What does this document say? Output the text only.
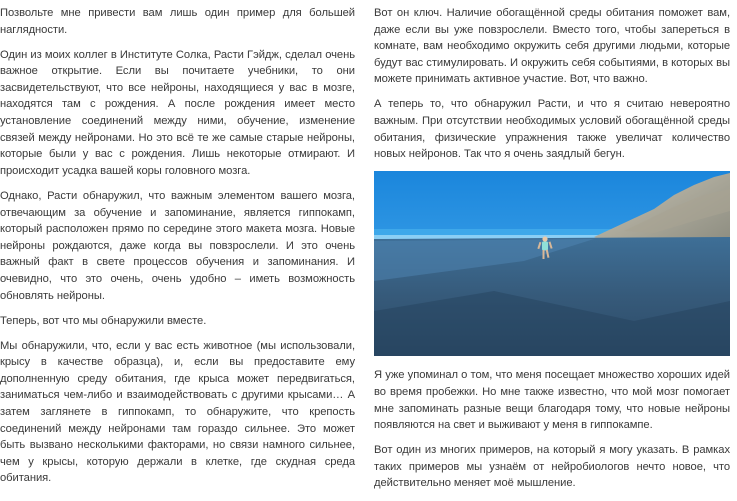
Позвольте мне привести вам лишь один пример для большей наглядности.

Один из моих коллег в Институте Солка, Расти Гэйдж, сделал очень важное открытие. Если вы почитаете учебники, то они засвидетельствуют, что все нейроны, находящиеся у вас в мозге, находятся там с рождения. А после рождения имеет место установление соединений между ними, обучение, изменение связей между нейронами. Но это всё те же самые старые нейроны, которые были у вас с рождения. Лишь некоторые отмирают. И происходит усадка вашей коры головного мозга.

Однако, Расти обнаружил, что важным элементом вашего мозга, отвечающим за обучение и запоминание, является гиппокамп, который расположен прямо по середине этого макета мозга. Новые нейроны рождаются, даже когда вы повзрослели. И это очень важный факт в свете процессов обучения и запоминания. И очевидно, что это очень, очень удобно – иметь возможность обновлять нейроны.

Теперь, вот что мы обнаружили вместе.

Мы обнаружили, что, если у вас есть животное (мы использовали, крысу в качестве образца), и, если вы предоставите ему дополненную среду обитания, где крыса может передвигаться, заниматься чем-либо и взаимодействовать с другими крысами… А затем заглянете в гиппокамп, то обнаружите, что крепость соединений между нейронами там гораздо сильнее. Это может быть вызвано несколькими факторами, но связи намного сильнее, чем у крысы, которую держали в клетке, где скудная среда обитания.

Вот он ключ. Наличие обогащённой среды обитания поможет вам, даже если вы уже повзрослели. Вместо того, чтобы запереться в комнате, вам необходимо окружить себя другими людьми, которые будут вас стимулировать. И окружить себя событиями, в которых вы можете принимать активное участие. Вот, что важно.

А теперь то, что обнаружил Расти, и что я считаю невероятно важным. При отсутствии необходимых условий обогащённой среды обитания, физические упражнения также увеличат количество новых нейронов. Так что я очень заядлый бегун.

Я уже упоминал о том, что меня посещает множество хороших идей во время пробежки. Но мне также известно, что мой мозг помогает мне запоминать разные вещи благодаря тому, что новые нейроны появляются на свет и выживают у меня в гиппокампе.

Вот один из многих примеров, на который я могу указать. В рамках таких примеров мы узнаём от нейробиологов нечто новое, что действительно меняет моё мышление.
